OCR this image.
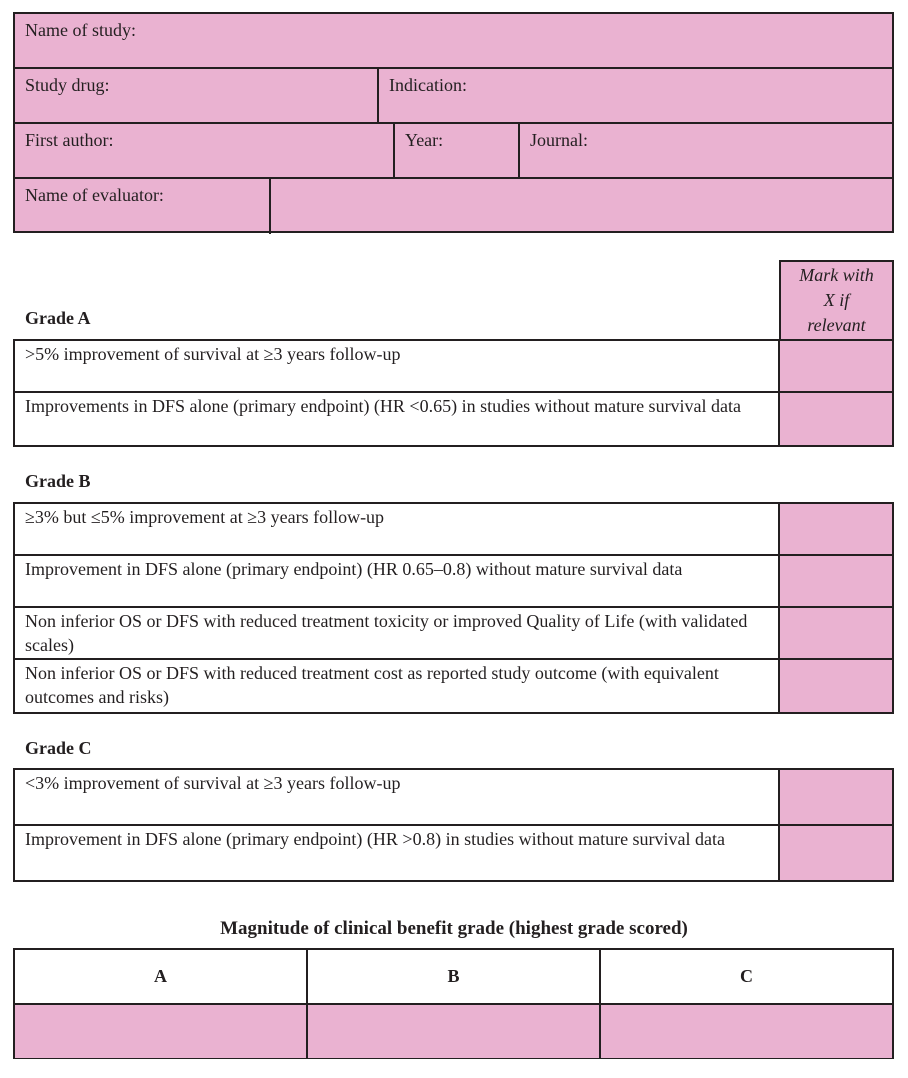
Name of study:
Study drug:	Indication:
First author:	Year:	Journal:
Name of evaluator:
Mark with
X if
relevant
Grade A
>5% improvement of survival at ≥3 years follow-up
Improvements in DFS alone (primary endpoint) (HR <0.65) in studies without mature survival data
Grade B
≥3% but ≤5% improvement at ≥3 years follow-up
Improvement in DFS alone (primary endpoint) (HR 0.65–0.8) without mature survival data
Non inferior OS or DFS with reduced treatment toxicity or improved Quality of Life (with validated scales)
Non inferior OS or DFS with reduced treatment cost as reported study outcome (with equivalent outcomes and risks)
Grade C
<3% improvement of survival at ≥3 years follow-up
Improvement in DFS alone (primary endpoint) (HR >0.8) in studies without mature survival data
Magnitude of clinical benefit grade (highest grade scored)
A	B	C
